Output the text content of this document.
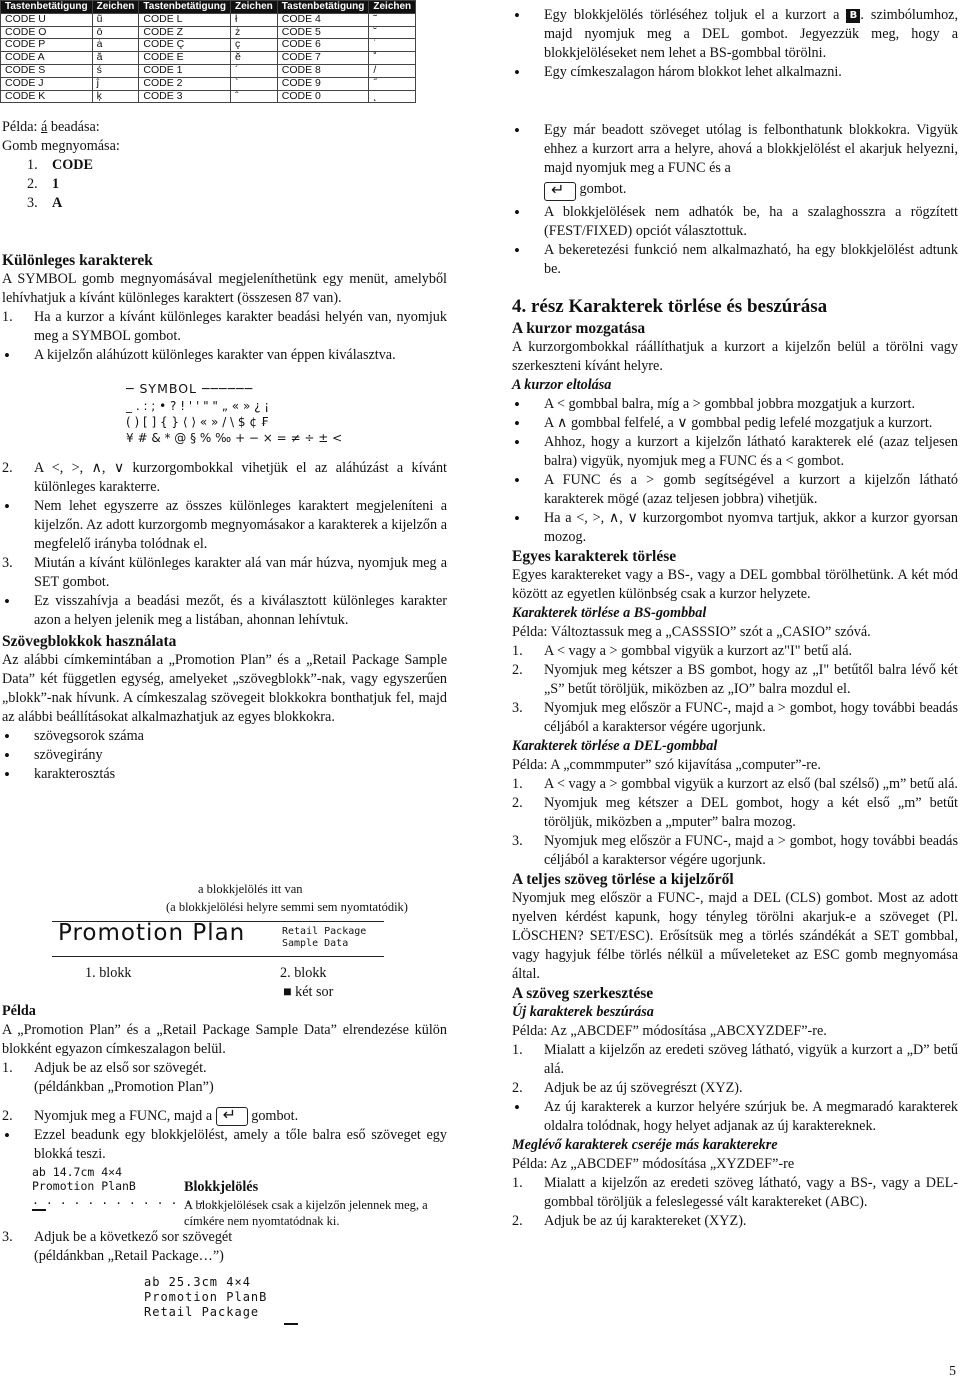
Tastenbetätigung	Zeichen	Tastenbetätigung	Zeichen	Tastenbetätigung	Zeichen
CODE U	ũ	CODE L	ł	CODE 4	˜
CODE O	ō	CODE Z	ż	CODE 5	˘
CODE P	ȧ	CODE Ç	ç	CODE 6	˙
CODE A	ă	CODE E	ĕ	CODE 7	˚
CODE S	ś	CODE 1	´	CODE 8	/
CODE J	ĵ	CODE 2	`	CODE 9	˝
CODE K	ķ	CODE 3	ˆ	CODE 0	˛

Példa: á beadása:

Gomb megnyomása:

1. CODE
2. 1
3. A

Különleges karakterek

A SYMBOL gomb megnyomásával megjeleníthetünk egy menüt, amelyből lehívhatjuk a kívánt különleges karaktert (összesen 87 van).

1. Ha a kurzor a kívánt különleges karakter beadási helyén van, nyomjuk meg a SYMBOL gombot.
• A kijelzőn aláhúzott különleges karakter van éppen kiválasztva.
─ SYMBOL ──────
_ . : ; • ? ! ' ' " " „ « » ¿ ¡
( ) [ ] { } ⟨ ⟩ « » / \ $ ¢ ₣
¥ # & * @ § % ‰ + − × = ≠ ÷ ± <
2. A <, >, ∧, ∨ kurzorgombokkal vihetjük el az aláhúzást a kívánt különleges karakterre.
• Nem lehet egyszerre az összes különleges karaktert megjeleníteni a kijelzőn. Az adott kurzorgomb megnyomásakor a karakterek a kijelzőn a megfelelő irányba tolódnak el.
3. Miután a kívánt különleges karakter alá van már húzva, nyomjuk meg a SET gombot.
• Ez visszahívja a beadási mezőt, és a kiválasztott különleges karakter azon a helyen jelenik meg a listában, ahonnan lehívtuk.

Szövegblokkok használata

Az alábbi címkemintában a „Promotion Plan” és a „Retail Package Sample Data” két független egység, amelyeket „szövegblokk”-nak, vagy egyszerűen „blokk”-nak hívunk. A címkeszalag szövegeit blokkokra bonthatjuk fel, majd az alábbi beállításokat alkalmazhatjuk az egyes blokkokra.

• szövegsorok száma
• szövegirány
• karakterosztás
a blokkjelölés itt van
(a blokkjelölési helyre semmi sem nyomtatódik)
Promotion Plan	Retail Package
Sample Data
1. blokk	2. blokk
■ két sor

Példa

A „Promotion Plan” és a „Retail Package Sample Data” elrendezése külön blokként egyazon címkeszalagon belül.

1. Adjuk be az első sor szövegét.
(példánkban „Promotion Plan”)
2. Nyomjuk meg a FUNC, majd a ↵	gombot.
• Ezzel beadunk egy blokkjelölést, amely a tőle balra eső szöveget egy blokká teszi.
ab 14.7cm 4×4
Promotion PlanB
. . . . . . . . . . . . . .
Blokkjelölés
A blokkjelölések csak a kijelzőn jelennek meg, a címkére nem nyomtatódnak ki.
3. Adjuk be a következő sor szövegét
(példánkban „Retail Package…”)
ab 25.3cm 4×4
Promotion PlanB
Retail Package
• Egy blokkjelölés törléséhez toljuk el a kurzort a B . szimbólumhoz, majd nyomjuk meg a DEL gombot. Jegyezzük meg, hogy a blokkjelöléseket nem lehet a BS-gombbal törölni.
• Egy címkeszalagon három blokkot lehet alkalmazni.
• Egy már beadott szöveget utólag is felbonthatunk blokkokra. Vigyük ehhez a kurzort arra a helyre, ahová a blokkjelölést el akarjuk helyezni, majd nyomjuk meg a FUNC és a
↵ gombot.
• A blokkjelölések nem adhatók be, ha a szalaghosszra a rögzített (FEST/FIXED) opciót választottuk.
• A bekeretezési funkció nem alkalmazható, ha egy blokkjelölést adtunk be.

4. rész Karakterek törlése és beszúrása

A kurzor mozgatása

A kurzorgombokkal ráállíthatjuk a kurzort a kijelzőn belül a törölni vagy szerkeszteni kívánt helyre.

A kurzor eltolása

• A < gombbal balra, míg a > gombbal jobbra mozgatjuk a kurzort.
• A ∧ gombbal felfelé, a ∨ gombbal pedig lefelé mozgatjuk a kurzort.
• Ahhoz, hogy a kurzort a kijelzőn látható karakterek elé (azaz teljesen balra) vigyük, nyomjuk meg a FUNC és a < gombot.
• A FUNC és a > gomb segítségével a kurzort a kijelzőn látható karakterek mögé (azaz teljesen jobbra) vihetjük.
• Ha a <, >, ∧, ∨ kurzorgombot nyomva tartjuk, akkor a kurzor gyorsan mozog.

Egyes karakterek törlése

Egyes karaktereket vagy a BS-, vagy a DEL gombbal törölhetünk. A két mód között az egyetlen különbség csak a kurzor helyzete.

Karakterek törlése a BS-gombbal

Példa: Változtassuk meg a „CASSSIO” szót a „CASIO” szóvá.

1. A < vagy a > gombbal vigyük a kurzort az"I" betű alá.
2. Nyomjuk meg kétszer a BS gombot, hogy az „I" betűtől balra lévő két „S” betűt töröljük, miközben az „IO” balra mozdul el.
3. Nyomjuk meg először a FUNC-, majd a > gombot, hogy további beadás céljából a karaktersor végére ugorjunk.

Karakterek törlése a DEL-gombbal

Példa: A „commmputer” szó kijavítása „computer”-re.

1. A < vagy a > gombbal vigyük a kurzort az első (bal szélső) „m” betű alá.
2. Nyomjuk meg kétszer a DEL gombot, hogy a két első „m” betűt töröljük, miközben a „mputer” balra mozog.
3. Nyomjuk meg először a FUNC-, majd a > gombot, hogy további beadás céljából a karaktersor végére ugorjunk.

A teljes szöveg törlése a kijelzőről

Nyomjuk meg először a FUNC-, majd a DEL (CLS) gombot. Most az adott nyelven kérdést kapunk, hogy tényleg törölni akarjuk-e a szöveget (Pl. LÖSCHEN? SET/ESC). Erősítsük meg a törlés szándékát a SET gombbal, vagy hagyjuk félbe törlés nélkül a műveleteket az ESC gomb megnyomása által.

A szöveg szerkesztése

Új karakterek beszúrása

Példa: Az „ABCDEF” módosítása „ABCXYZDEF”-re.

1. Mialatt a kijelzőn az eredeti szöveg látható, vigyük a kurzort a „D” betű alá.
2. Adjuk be az új szövegrészt (XYZ).
• Az új karakterek a kurzor helyére szúrjuk be. A megmaradó karakterek oldalra tolódnak, hogy helyet adjanak az új karaktereknek.

Meglévő karakterek cseréje más karakterekre

Példa: Az „ABCDEF” módosítása „XYZDEF”-re

1. Mialatt a kijelzőn az eredeti szöveg látható, vagy a BS-, vagy a DEL-gombbal töröljük a feleslegessé vált karaktereket (ABC).
2. Adjuk be az új karaktereket (XYZ).
5
